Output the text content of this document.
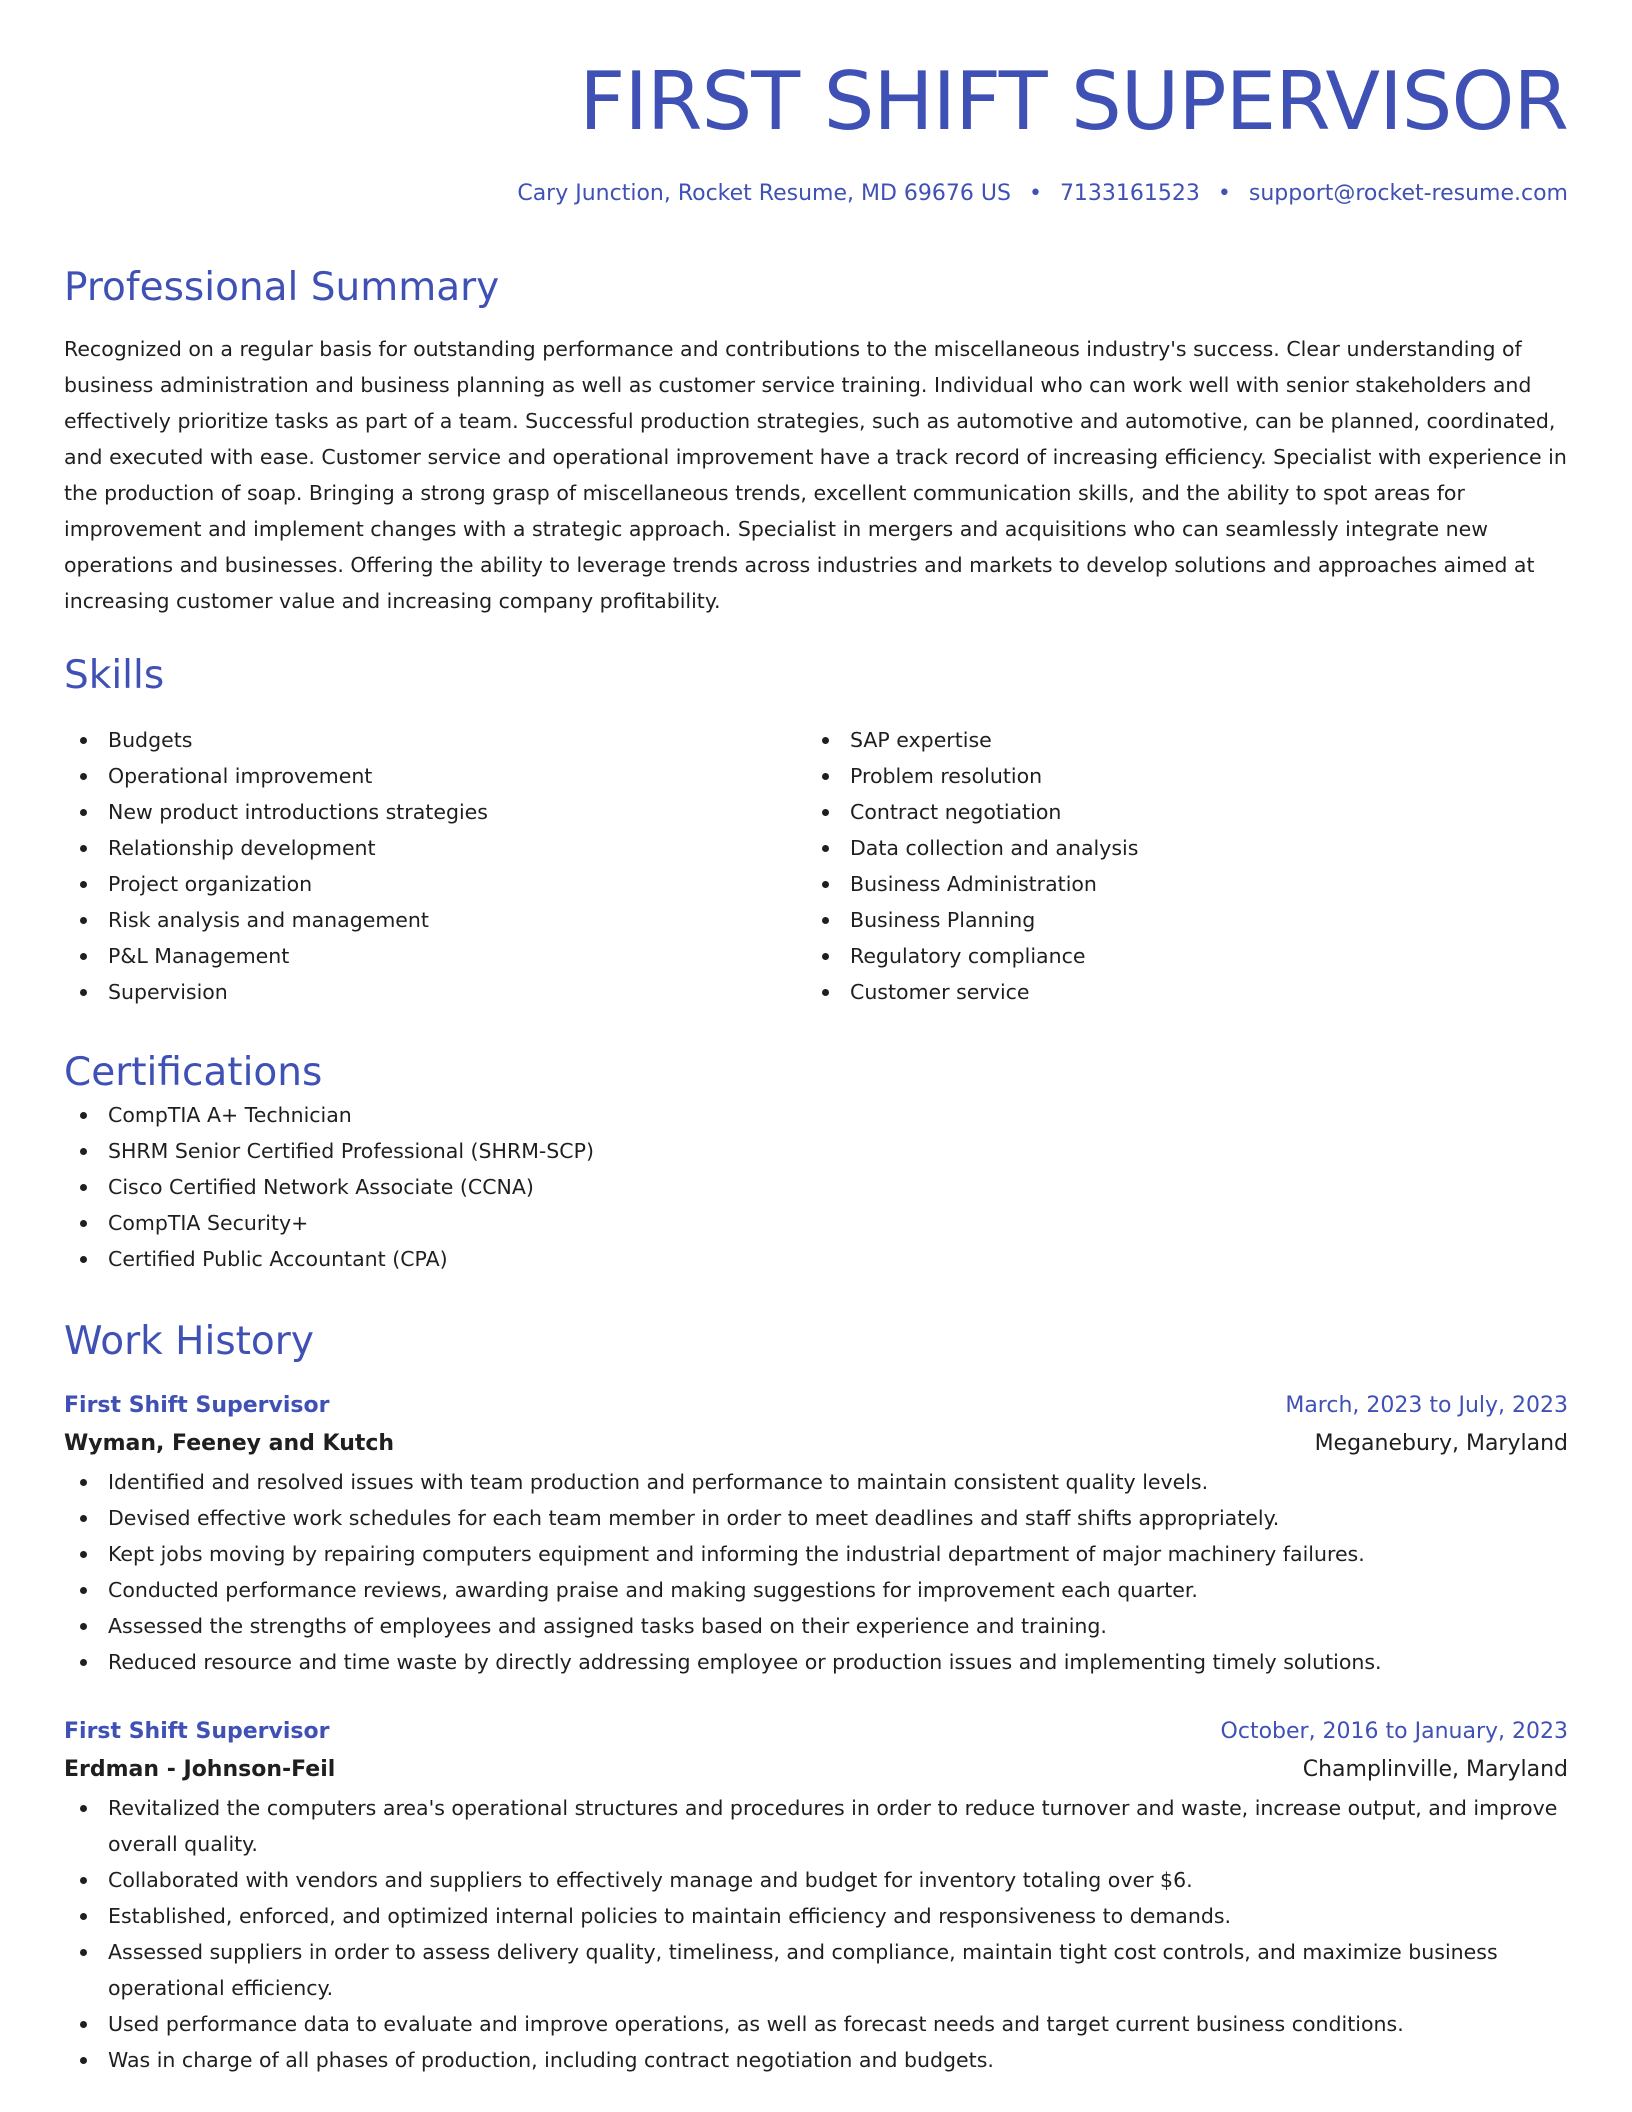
FIRST SHIFT SUPERVISOR
Cary Junction, Rocket Resume, MD 69676 US • 7133161523 • support@rocket-resume.com
Professional Summary
Recognized on a regular basis for outstanding performance and contributions to the miscellaneous industry's success. Clear understanding of business administration and business planning as well as customer service training. Individual who can work well with senior stakeholders and effectively prioritize tasks as part of a team. Successful production strategies, such as automotive and automotive, can be planned, coordinated, and executed with ease. Customer service and operational improvement have a track record of increasing efficiency. Specialist with experience in the production of soap. Bringing a strong grasp of miscellaneous trends, excellent communication skills, and the ability to spot areas for improvement and implement changes with a strategic approach. Specialist in mergers and acquisitions who can seamlessly integrate new operations and businesses. Offering the ability to leverage trends across industries and markets to develop solutions and approaches aimed at increasing customer value and increasing company profitability.
Skills
Budgets
Operational improvement
New product introductions strategies
Relationship development
Project organization
Risk analysis and management
P&L Management
Supervision
SAP expertise
Problem resolution
Contract negotiation
Data collection and analysis
Business Administration
Business Planning
Regulatory compliance
Customer service
Certifications
CompTIA A+ Technician
SHRM Senior Certified Professional (SHRM-SCP)
Cisco Certified Network Associate (CCNA)
CompTIA Security+
Certified Public Accountant (CPA)
Work History
First Shift Supervisor	March, 2023 to July, 2023
Wyman, Feeney and Kutch	Meganebury, Maryland
Identified and resolved issues with team production and performance to maintain consistent quality levels.
Devised effective work schedules for each team member in order to meet deadlines and staff shifts appropriately.
Kept jobs moving by repairing computers equipment and informing the industrial department of major machinery failures.
Conducted performance reviews, awarding praise and making suggestions for improvement each quarter.
Assessed the strengths of employees and assigned tasks based on their experience and training.
Reduced resource and time waste by directly addressing employee or production issues and implementing timely solutions.
First Shift Supervisor	October, 2016 to January, 2023
Erdman - Johnson-Feil	Champlinville, Maryland
Revitalized the computers area's operational structures and procedures in order to reduce turnover and waste, increase output, and improve overall quality.
Collaborated with vendors and suppliers to effectively manage and budget for inventory totaling over $6.
Established, enforced, and optimized internal policies to maintain efficiency and responsiveness to demands.
Assessed suppliers in order to assess delivery quality, timeliness, and compliance, maintain tight cost controls, and maximize business operational efficiency.
Used performance data to evaluate and improve operations, as well as forecast needs and target current business conditions.
Was in charge of all phases of production, including contract negotiation and budgets.
